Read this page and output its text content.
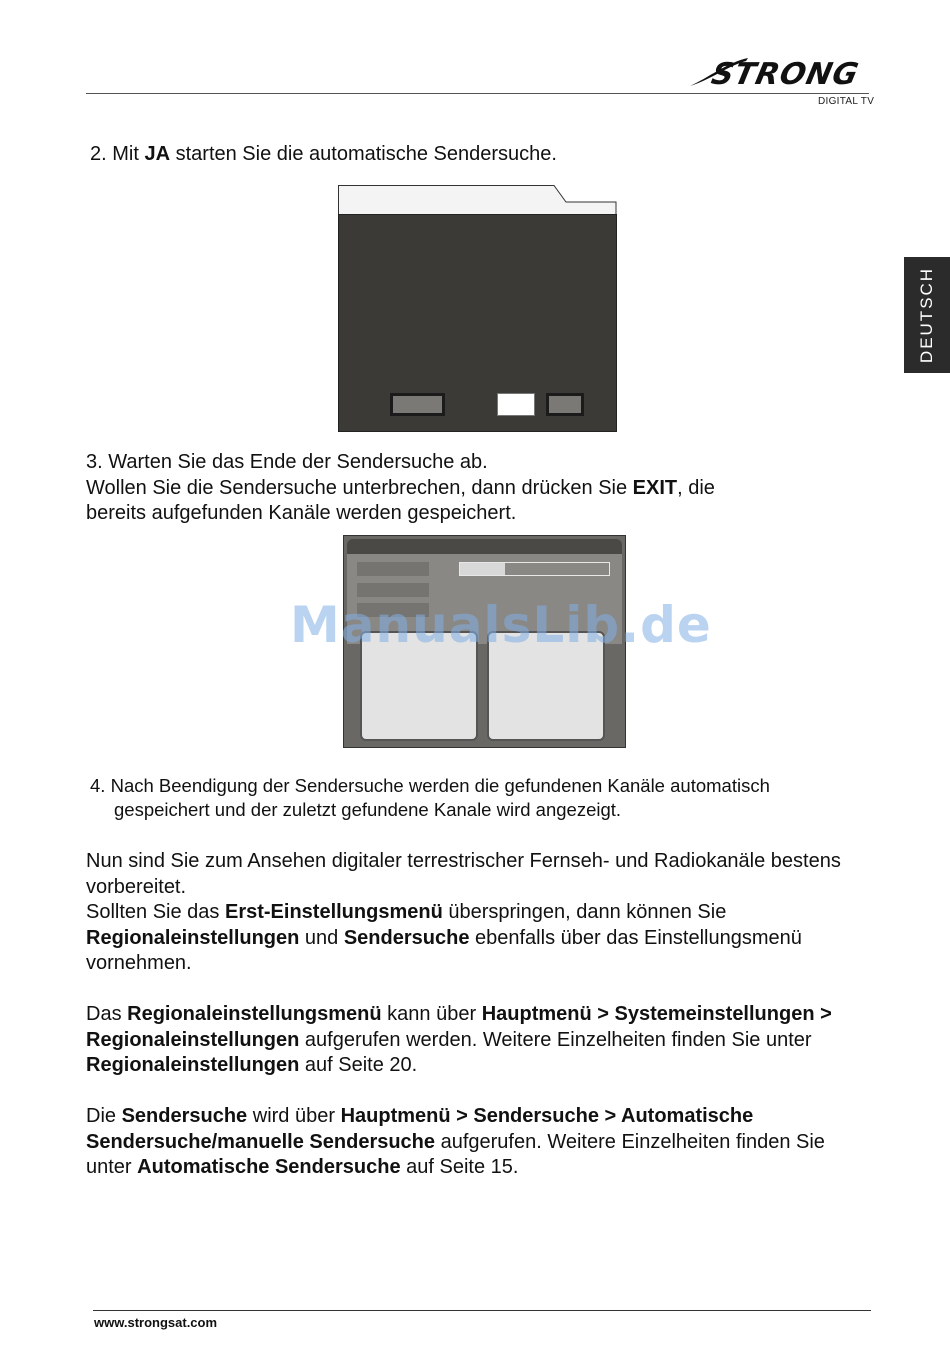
STRONG
DIGITAL TV
DEUTSCH
2. Mit JA starten Sie die automatische Sendersuche.
3. Warten Sie das Ende der Sendersuche ab.
Wollen Sie die Sendersuche unterbrechen, dann drücken Sie EXIT, die
bereits aufgefunden Kanäle werden gespeichert.
ManualsLib.de
4. Nach Beendigung der Sendersuche werden die gefundenen Kanäle automatisch
gespeichert und der zuletzt gefundene Kanale wird angezeigt.
Nun sind Sie zum Ansehen digitaler terrestrischer Fernseh- und Radiokanäle bestens vorbereitet.
Sollten Sie das Erst-Einstellungsmenü überspringen, dann können Sie Regionaleinstellungen und Sendersuche ebenfalls über das Einstellungsmenü vornehmen.
Das Regionaleinstellungsmenü kann über Hauptmenü > Systemeinstellungen > Regionaleinstellungen aufgerufen werden. Weitere Einzelheiten finden Sie unter Regionaleinstellungen auf Seite 20.
Die Sendersuche wird über Hauptmenü > Sendersuche > Automatische Sendersuche/manuelle Sendersuche aufgerufen. Weitere Einzelheiten finden Sie unter Automatische Sendersuche auf Seite 15.
www.strongsat.com
